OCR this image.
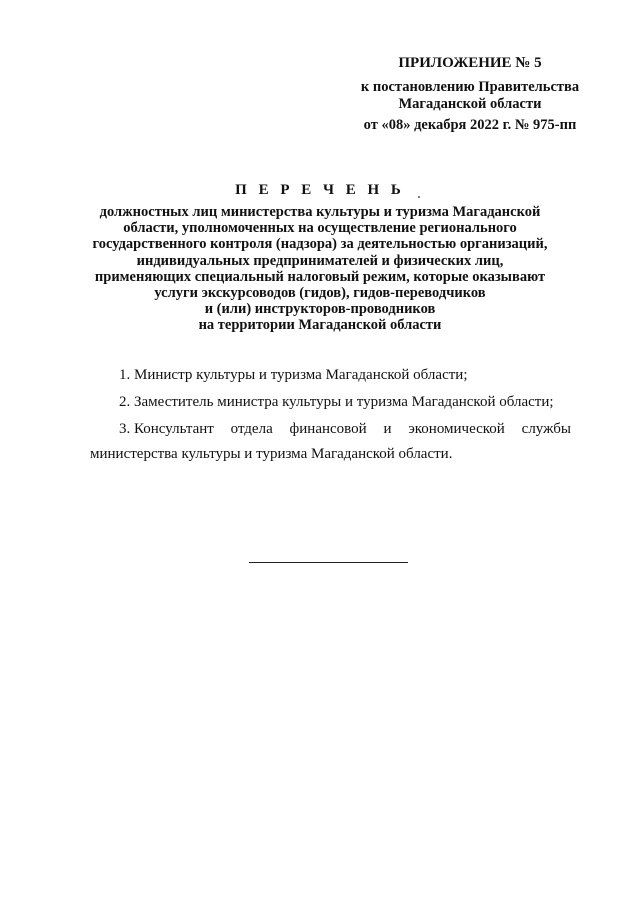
ПРИЛОЖЕНИЕ № 5
к постановлению Правительства
Магаданской области
от «08» декабря 2022 г. № 975-пп
П Е Р Е Ч Е Н Ь
должностных лиц министерства культуры и туризма Магаданской
области, уполномоченных на осуществление регионального
государственного контроля (надзора) за деятельностью организаций,
индивидуальных предпринимателей и физических лиц,
применяющих специальный налоговый режим, которые оказывают
услуги экскурсоводов (гидов), гидов-переводчиков
и (или) инструкторов-проводников
на территории Магаданской области
1. Министр культуры и туризма Магаданской области;
2. Заместитель министра культуры и туризма Магаданской области;
3. Консультант отдела финансовой и экономической службы
министерства культуры и туризма Магаданской области.
